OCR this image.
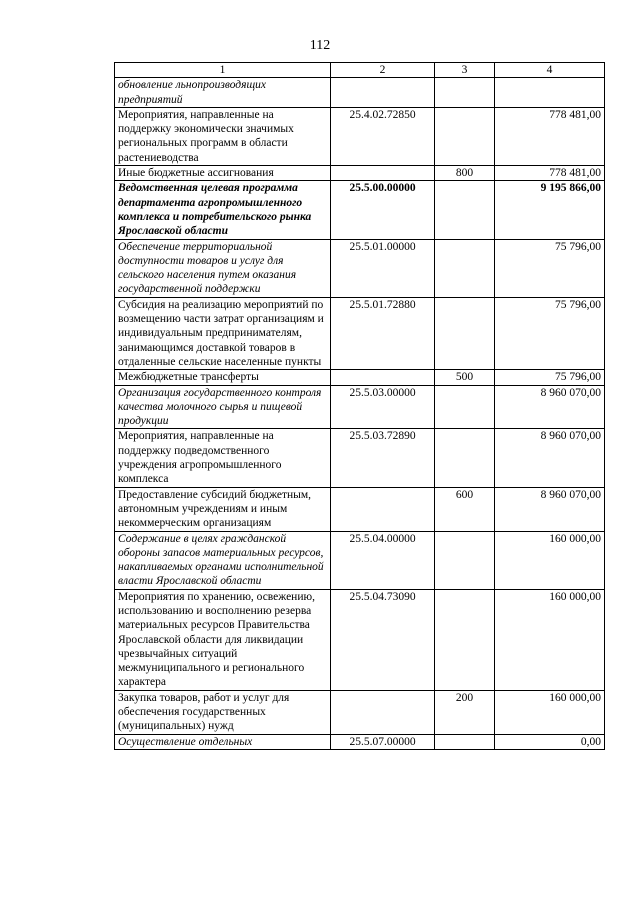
112
1	2	3	4
обновление льнопроизводящих предприятий			
Мероприятия, направленные на поддержку экономически значимых региональных программ в области растениеводства	25.4.02.72850		778 481,00
Иные бюджетные ассигнования		800	778 481,00
Ведомственная целевая программа департамента агропромышленного комплекса и потребительского рынка Ярославской области	25.5.00.00000		9 195 866,00
Обеспечение территориальной доступности товаров и услуг для сельского населения путем оказания государственной поддержки	25.5.01.00000		75 796,00
Субсидия на реализацию мероприятий по возмещению части затрат организациям и индивидуальным предпринимателям, занимающимся доставкой товаров в отдаленные сельские населенные пункты	25.5.01.72880		75 796,00
Межбюджетные трансферты		500	75 796,00
Организация государственного контроля качества молочного сырья и пищевой продукции	25.5.03.00000		8 960 070,00
Мероприятия, направленные на поддержку подведомственного учреждения агропромышленного комплекса	25.5.03.72890		8 960 070,00
Предоставление субсидий бюджетным, автономным учреждениям и иным некоммерческим организациям		600	8 960 070,00
Содержание в целях гражданской обороны запасов материальных ресурсов, накапливаемых органами исполнительной власти Ярославской области	25.5.04.00000		160 000,00
Мероприятия по хранению, освежению, использованию и восполнению резерва материальных ресурсов Правительства Ярославской области для ликвидации чрезвычайных ситуаций межмуниципального и регионального характера	25.5.04.73090		160 000,00
Закупка товаров, работ и услуг для обеспечения государственных (муниципальных) нужд		200	160 000,00
Осуществление отдельных	25.5.07.00000		0,00
